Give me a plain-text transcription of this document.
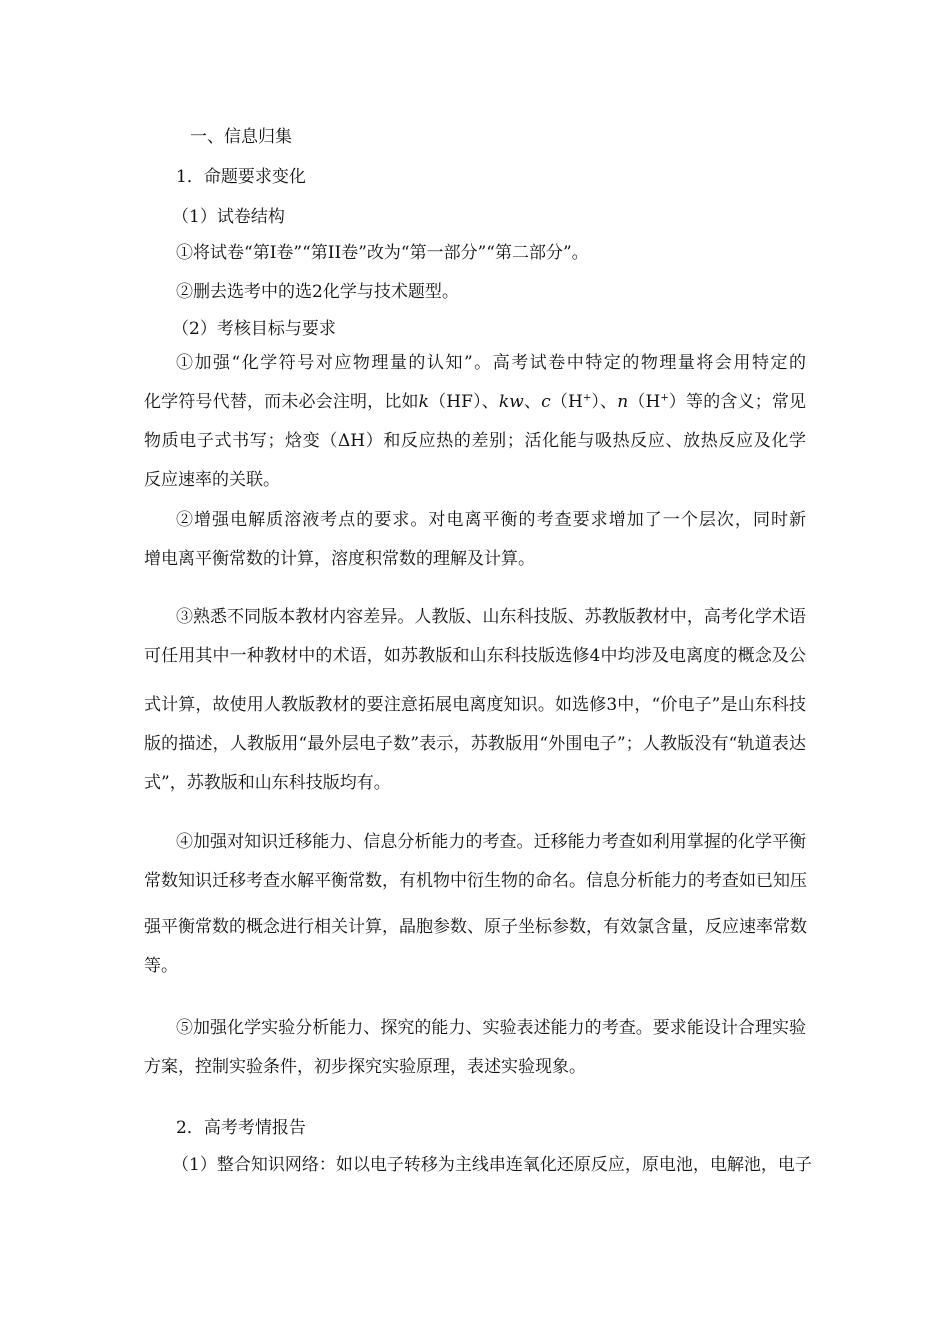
一、信息归集
1．命题要求变化
（1）试卷结构
①将试卷“第Ⅰ卷”“第II卷”改为“第一部分”“第二部分”。
②删去选考中的选2化学与技术题型。
（2）考核目标与要求
①加强“化学符号对应物理量的认知”。高考试卷中特定的物理量将会用特定的
化学符号代替，而未必会注明，比如k（HF）、kw、c（H+）、n（H+）等的含义；常见
物质电子式书写；焓变（ΔH）和反应热的差别；活化能与吸热反应、放热反应及化学
反应速率的关联。
②增强电解质溶液考点的要求。对电离平衡的考查要求增加了一个层次，同时新
增电离平衡常数的计算，溶度积常数的理解及计算。
③熟悉不同版本教材内容差异。人教版、山东科技版、苏教版教材中，高考化学术语
可任用其中一种教材中的术语，如苏教版和山东科技版选修4中均涉及电离度的概念及公
式计算，故使用人教版教材的要注意拓展电离度知识。如选修3中，“价电子”是山东科技
版的描述，人教版用“最外层电子数”表示，苏教版用“外围电子”；人教版没有“轨道表达
式”，苏教版和山东科技版均有。
④加强对知识迁移能力、信息分析能力的考查。迁移能力考查如利用掌握的化学平衡
常数知识迁移考查水解平衡常数，有机物中衍生物的命名。信息分析能力的考查如已知压
强平衡常数的概念进行相关计算，晶胞参数、原子坐标参数，有效氯含量，反应速率常数
等。
⑤加强化学实验分析能力、探究的能力、实验表述能力的考查。要求能设计合理实验
方案，控制实验条件，初步探究实验原理，表述实验现象。
2．高考考情报告
（1）整合知识网络：如以电子转移为主线串连氧化还原反应，原电池，电解池，电子
